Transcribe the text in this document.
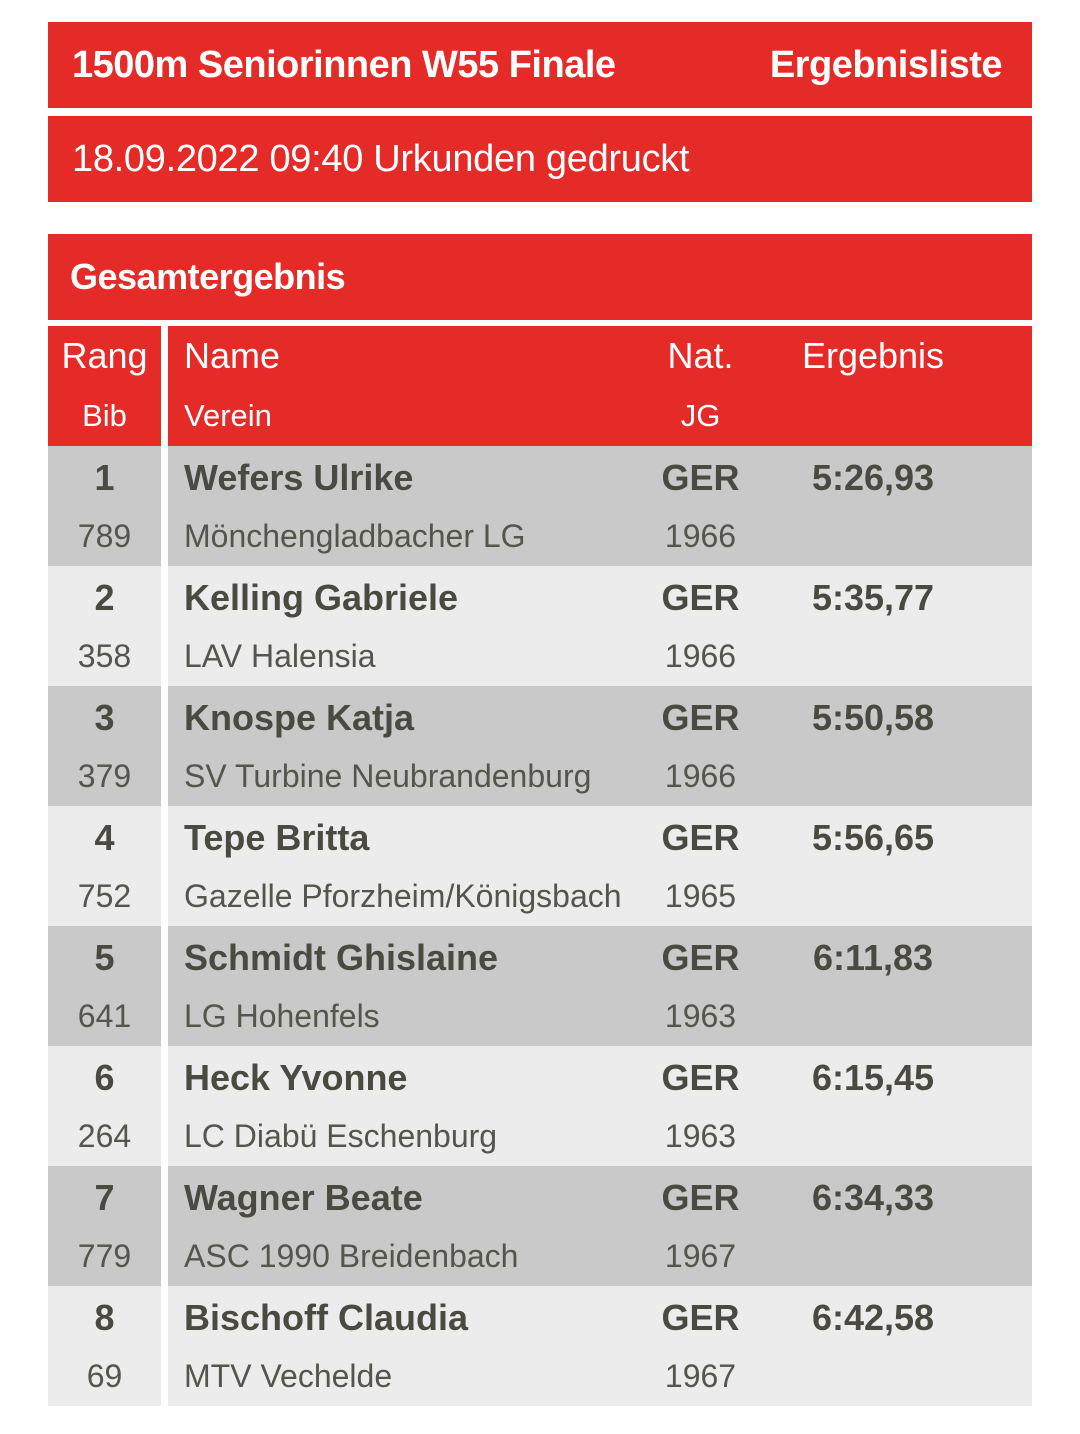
1500m Seniorinnen W55 Finale	Ergebnisliste
18.09.2022 09:40 Urkunden gedruckt
Gesamtergebnis
Rang
Bib
Name
Verein
Nat.
JG
Ergebnis
1
789
Wefers Ulrike
Mönchengladbacher LG
GER
1966
5:26,93
2
358
Kelling Gabriele
LAV Halensia
GER
1966
5:35,77
3
379
Knospe Katja
SV Turbine Neubrandenburg
GER
1966
5:50,58
4
752
Tepe Britta
Gazelle Pforzheim/Königsbach
GER
1965
5:56,65
5
641
Schmidt Ghislaine
LG Hohenfels
GER
1963
6:11,83
6
264
Heck Yvonne
LC Diabü Eschenburg
GER
1963
6:15,45
7
779
Wagner Beate
ASC 1990 Breidenbach
GER
1967
6:34,33
8
69
Bischoff Claudia
MTV Vechelde
GER
1967
6:42,58
